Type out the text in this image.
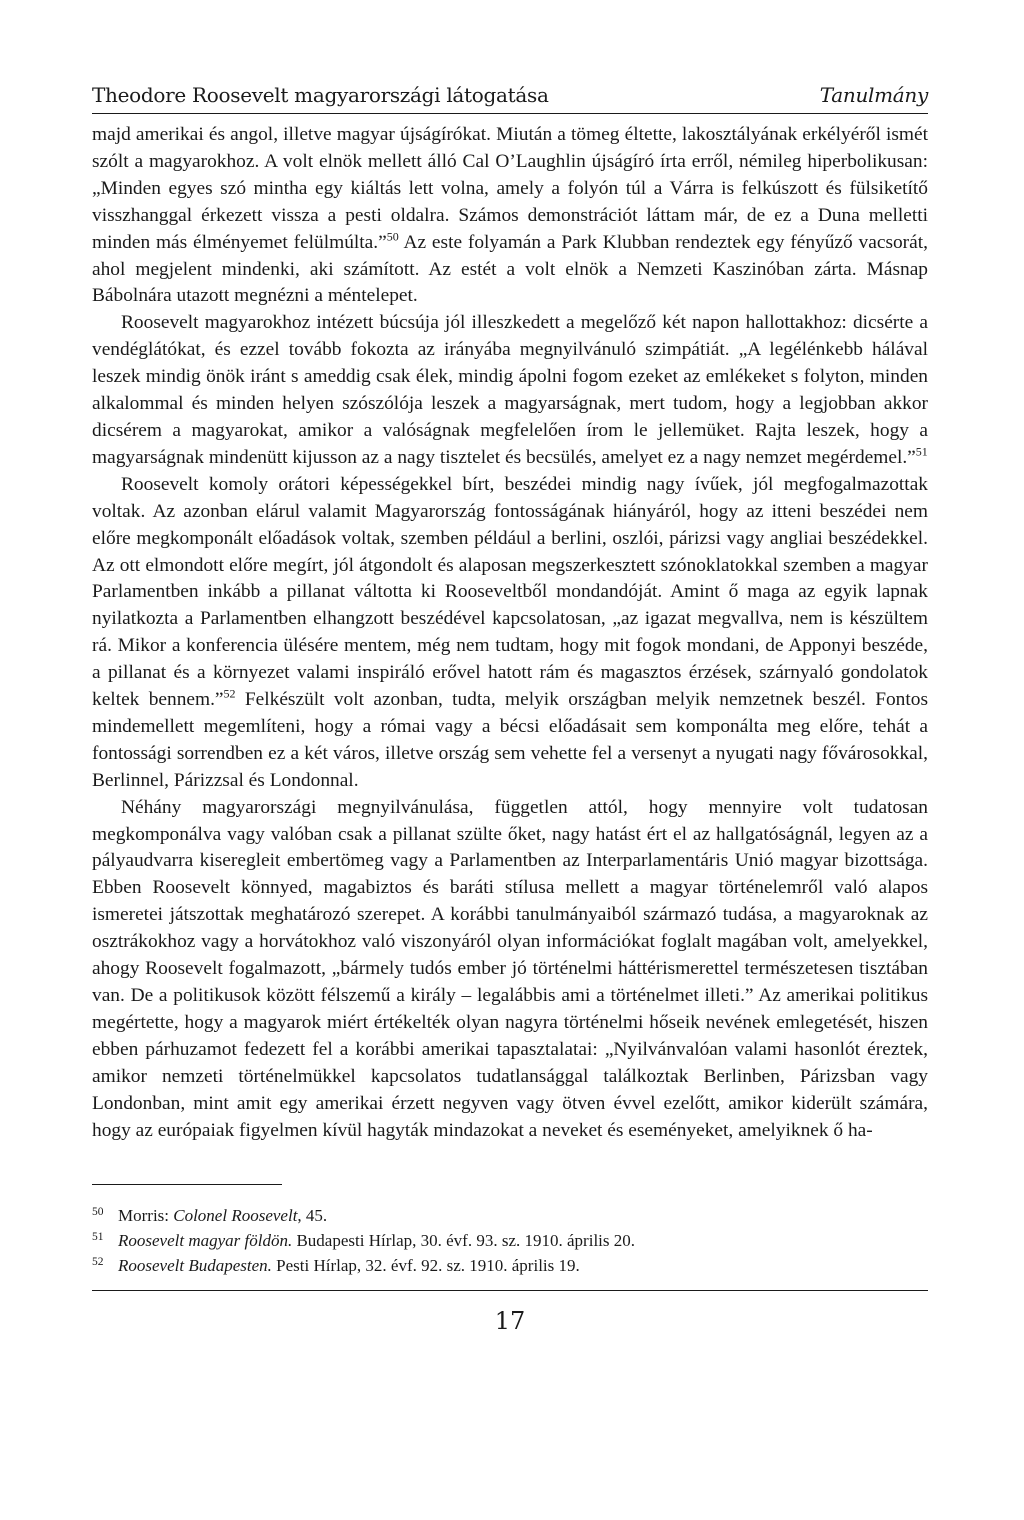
Theodore Roosevelt magyarországi látogatása	Tanulmány

majd amerikai és angol, illetve magyar újságírókat. Miután a tömeg éltette, lakosztályának erkélyéről ismét szólt a magyarokhoz. A volt elnök mellett álló Cal O’Laughlin újságíró írta erről, némileg hiperbolikusan: „Minden egyes szó mintha egy kiáltás lett volna, amely a folyón túl a Várra is felkúszott és fülsiketítő visszhanggal érkezett vissza a pesti oldalra. Számos demonstrációt láttam már, de ez a Duna melletti minden más élményemet felülmúlta.”$^{50}$ Az este folyamán a Park Klubban rendeztek egy fényűző vacsorát, ahol megjelent mindenki, aki számított. Az estét a volt elnök a Nemzeti Kaszinóban zárta. Másnap Bábolnára utazott megnézni a méntelepet.

Roosevelt magyarokhoz intézett búcsúja jól illeszkedett a megelőző két napon hallottakhoz: dicsérte a vendéglátókat, és ezzel tovább fokozta az irányába megnyilvánuló szimpátiát. „A legélénkebb hálával leszek mindig önök iránt s ameddig csak élek, mindig ápolni fogom ezeket az emlékeket s folyton, minden alkalommal és minden helyen szószólója leszek a magyarságnak, mert tudom, hogy a legjobban akkor dicsérem a magyarokat, amikor a valóságnak megfelelően írom le jellemüket. Rajta leszek, hogy a magyarságnak mindenütt kijusson az a nagy tisztelet és becsülés, amelyet ez a nagy nemzet megérdemel.”$^{51}$

Roosevelt komoly orátori képességekkel bírt, beszédei mindig nagy ívűek, jól megfogalmazottak voltak. Az azonban elárul valamit Magyarország fontosságának hiányáról, hogy az itteni beszédei nem előre megkomponált előadások voltak, szemben például a berlini, oszlói, párizsi vagy angliai beszédekkel. Az ott elmondott előre megírt, jól átgondolt és alaposan megszerkesztett szónoklatokkal szemben a magyar Parlamentben inkább a pillanat váltotta ki Rooseveltből mondandóját. Amint ő maga az egyik lapnak nyilatkozta a Parlamentben elhangzott beszédével kapcsolatosan, „az igazat megvallva, nem is készültem rá. Mikor a konferencia ülésére mentem, még nem tudtam, hogy mit fogok mondani, de Apponyi beszéde, a pillanat és a környezet valami inspiráló erővel hatott rám és magasztos érzések, szárnyaló gondolatok keltek bennem.”$^{52}$ Felkészült volt azonban, tudta, melyik országban melyik nemzetnek beszél. Fontos mindemellett megemlíteni, hogy a római vagy a bécsi előadásait sem komponálta meg előre, tehát a fontossági sorrendben ez a két város, illetve ország sem vehette fel a versenyt a nyugati nagy fővárosokkal, Berlinnel, Párizzsal és Londonnal.

Néhány magyarországi megnyilvánulása, független attól, hogy mennyire volt tudatosan megkomponálva vagy valóban csak a pillanat szülte őket, nagy hatást ért el az hallgatóságnál, legyen az a pályaudvarra kiseregleit embertömeg vagy a Parlamentben az Interparlamentáris Unió magyar bizottsága. Ebben Roosevelt könnyed, magabiztos és baráti stílusa mellett a magyar történelemről való alapos ismeretei játszottak meghatározó szerepet. A korábbi tanulmányaiból származó tudása, a magyaroknak az osztrákokhoz vagy a horvátokhoz való viszonyáról olyan információkat foglalt magában volt, amelyekkel, ahogy Roosevelt fogalmazott, „bármely tudós ember jó történelmi háttérismerettel természetesen tisztában van. De a politikusok között félszemű a király – legalábbis ami a történelmet illeti.” Az amerikai politikus megértette, hogy a magyarok miért értékelték olyan nagyra történelmi hőseik nevének emlegetését, hiszen ebben párhuzamot fedezett fel a korábbi amerikai tapasztalatai: „Nyilvánvalóan valami hasonlót éreztek, amikor nemzeti történelmükkel kapcsolatos tudatlansággal találkoztak Berlinben, Párizsban vagy Londonban, mint amit egy amerikai érzett negyven vagy ötven évvel ezelőtt, amikor kiderült számára, hogy az európaiak figyelmen kívül hagyták mindazokat a neveket és eseményeket, amelyiknek ő ha-

50 Morris: Colonel Roosevelt, 45.

51 Roosevelt magyar földön. Budapesti Hírlap, 30. évf. 93. sz. 1910. április 20.

52 Roosevelt Budapesten. Pesti Hírlap, 32. évf. 92. sz. 1910. április 19.

17
